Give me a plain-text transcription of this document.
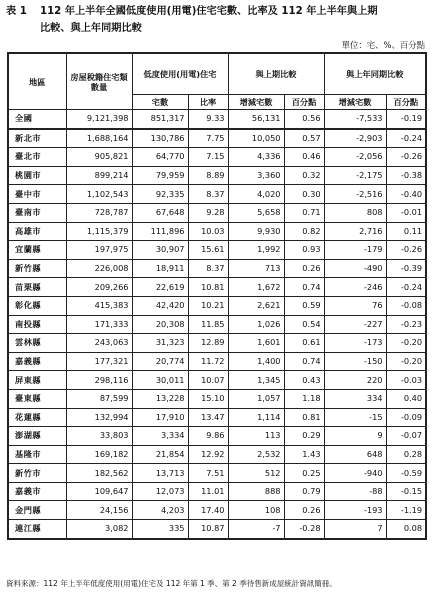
表 1 112 年上半年全國低度使用(用電)住宅宅數、比率及 112 年上半年與上期
比較、與上年同期比較
單位：宅、%、百分點
地區	房屋稅籍住宅類數量	低度使用(用電)住宅		與上期比較		與上年同期比較	
		宅數	比率	增減宅數	百分點	增減宅數	百分點
全國	9,121,398	851,317	9.33	56,131	0.56	-7,533	-0.19
新北市	1,688,164	130,786	7.75	10,050	0.57	-2,903	-0.24
臺北市	905,821	64,770	7.15	4,336	0.46	-2,056	-0.26
桃園市	899,214	79,959	8.89	3,360	0.32	-2,175	-0.38
臺中市	1,102,543	92,335	8.37	4,020	0.30	-2,516	-0.40
臺南市	728,787	67,648	9.28	5,658	0.71	808	-0.01
高雄市	1,115,379	111,896	10.03	9,930	0.82	2,716	0.11
宜蘭縣	197,975	30,907	15.61	1,992	0.93	-179	-0.26
新竹縣	226,008	18,911	8.37	713	0.26	-490	-0.39
苗栗縣	209,266	22,619	10.81	1,672	0.74	-246	-0.24
彰化縣	415,383	42,420	10.21	2,621	0.59	76	-0.08
南投縣	171,333	20,308	11.85	1,026	0.54	-227	-0.23
雲林縣	243,063	31,323	12.89	1,601	0.61	-173	-0.20
嘉義縣	177,321	20,774	11.72	1,400	0.74	-150	-0.20
屏東縣	298,116	30,011	10.07	1,345	0.43	220	-0.03
臺東縣	87,599	13,228	15.10	1,057	1.18	334	0.40
花蓮縣	132,994	17,910	13.47	1,114	0.81	-15	-0.09
澎湖縣	33,803	3,334	9.86	113	0.29	9	-0.07
基隆市	169,182	21,854	12.92	2,532	1.43	648	0.28
新竹市	182,562	13,713	7.51	512	0.25	-940	-0.59
嘉義市	109,647	12,073	11.01	888	0.79	-88	-0.15
金門縣	24,156	4,203	17.40	108	0.26	-193	-1.19
連江縣	3,082	335	10.87	-7	-0.28	7	0.08
資料來源：112 年上半年低度使用(用電)住宅及 112 年第 1 季、第 2 季待售新成屋統計資訊簡冊。
